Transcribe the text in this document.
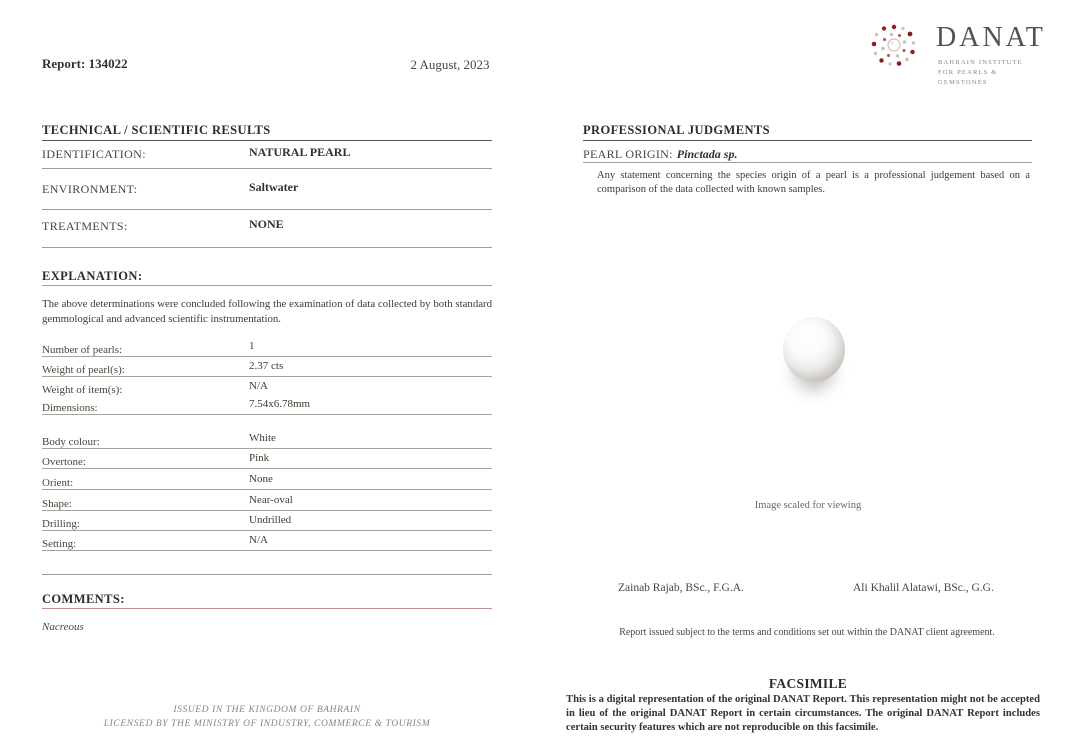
Report: 134022	2 August, 2023
DANAT
BAHRAIN INSTITUTE
FOR PEARLS & GEMSTONES
TECHNICAL / SCIENTIFIC RESULTS
IDENTIFICATION:	NATURAL PEARL
ENVIRONMENT:	Saltwater
TREATMENTS:	NONE
EXPLANATION:
The above determinations were concluded following the examination of data collected by both standard gemmological and advanced scientific instrumentation.
Number of pearls:	1
Weight of pearl(s):	2.37 cts
Weight of item(s):	N/A
Dimensions:	7.54x6.78mm
Body colour:	White
Overtone:	Pink
Orient:	None
Shape:	Near-oval
Drilling:	Undrilled
Setting:	N/A
COMMENTS:
Nacreous
ISSUED IN THE KINGDOM OF BAHRAIN
LICENSED BY THE MINISTRY OF INDUSTRY, COMMERCE & TOURISM
PROFESSIONAL JUDGMENTS
PEARL ORIGIN: Pinctada sp.
Any statement concerning the species origin of a pearl is a professional judgement based on a comparison of the data collected with known samples.
Image scaled for viewing
Zainab Rajab, BSc., F.G.A.	Ali Khalil Alatawi, BSc., G.G.
Report issued subject to the terms and conditions set out within the DANAT client agreement.
FACSIMILE
This is a digital representation of the original DANAT Report. This representation might not be accepted in lieu of the original DANAT Report in certain circumstances. The original DANAT Report includes certain security features which are not reproducible on this facsimile.
